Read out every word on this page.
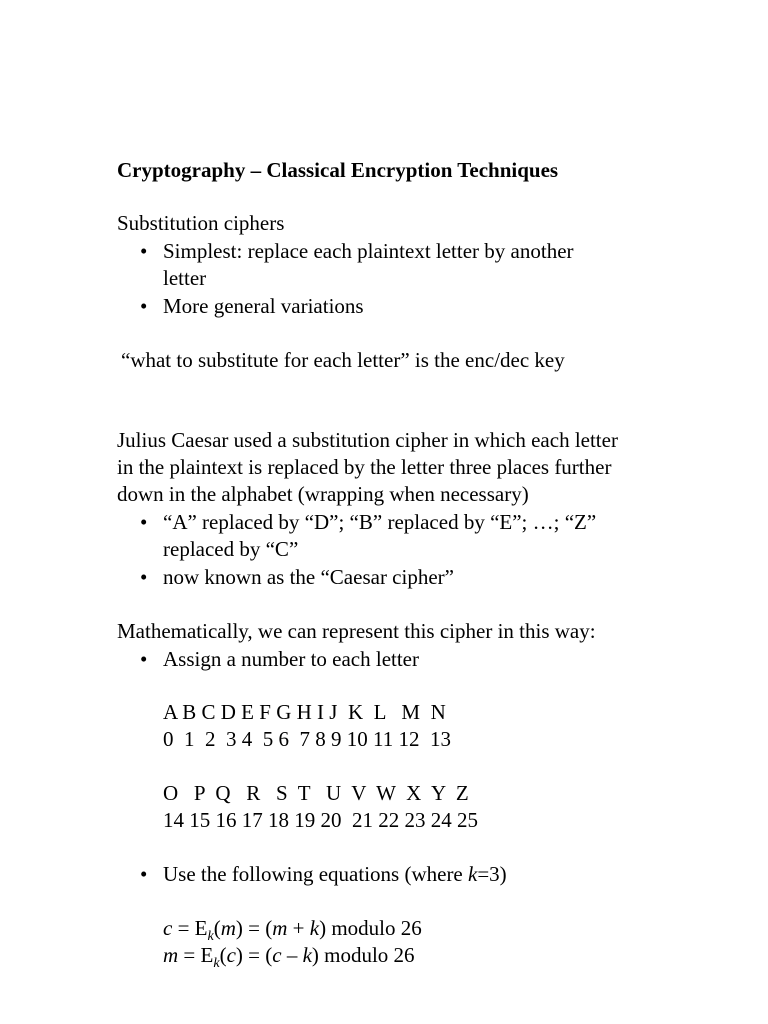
Cryptography – Classical Encryption Techniques
Substitution ciphers
• Simplest: replace each plaintext letter by another
letter
• More general variations
“what to substitute for each letter” is the enc/dec key
Julius Caesar used a substitution cipher in which each letter
in the plaintext is replaced by the letter three places further
down in the alphabet (wrapping when necessary)
• “A” replaced by “D”; “B” replaced by “E”; …; “Z”
replaced by “C”
• now known as the “Caesar cipher”
Mathematically, we can represent this cipher in this way:
• Assign a number to each letter
A B C D E F G H I J  K  L   M  N
0  1  2  3 4  5 6  7 8 9 10 11 12  13
O   P  Q   R   S  T   U  V  W  X  Y  Z
14 15 16 17 18 19 20  21 22 23 24 25
• Use the following equations (where k=3)
$c = E_k(m) = (m + k)$ modulo 26
$m = E_k(c) = (c - k)$ modulo 26
